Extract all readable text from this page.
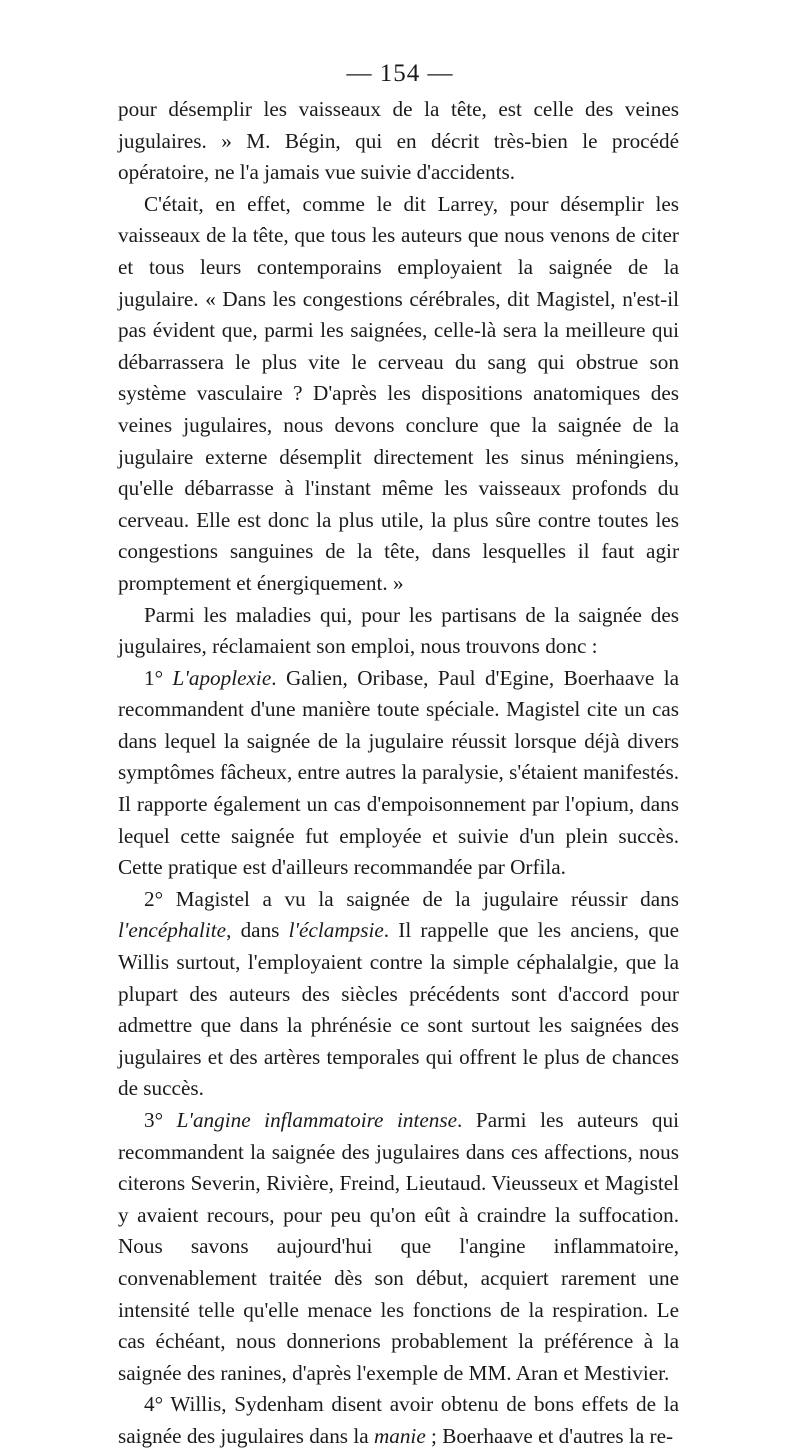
— 154 —

pour désemplir les vaisseaux de la tête, est celle des veines jugulaires. » M. Bégin, qui en décrit très-bien le procédé opératoire, ne l'a jamais vue suivie d'accidents.

C'était, en effet, comme le dit Larrey, pour désemplir les vaisseaux de la tête, que tous les auteurs que nous venons de citer et tous leurs contemporains employaient la saignée de la jugulaire. « Dans les congestions cérébrales, dit Magistel, n'est-il pas évident que, parmi les saignées, celle-là sera la meilleure qui débarrassera le plus vite le cerveau du sang qui obstrue son système vasculaire ? D'après les dispositions anatomiques des veines jugulaires, nous devons conclure que la saignée de la jugulaire externe désemplit directement les sinus méningiens, qu'elle débarrasse à l'instant même les vaisseaux profonds du cerveau. Elle est donc la plus utile, la plus sûre contre toutes les congestions sanguines de la tête, dans lesquelles il faut agir promptement et énergiquement. »

Parmi les maladies qui, pour les partisans de la saignée des jugulaires, réclamaient son emploi, nous trouvons donc :

1° L'apoplexie. Galien, Oribase, Paul d'Egine, Boerhaave la recommandent d'une manière toute spéciale. Magistel cite un cas dans lequel la saignée de la jugulaire réussit lorsque déjà divers symptômes fâcheux, entre autres la paralysie, s'étaient manifestés. Il rapporte également un cas d'empoisonnement par l'opium, dans lequel cette saignée fut employée et suivie d'un plein succès. Cette pratique est d'ailleurs recommandée par Orfila.

2° Magistel a vu la saignée de la jugulaire réussir dans l'encéphalite, dans l'éclampsie. Il rappelle que les anciens, que Willis surtout, l'employaient contre la simple céphalalgie, que la plupart des auteurs des siècles précédents sont d'accord pour admettre que dans la phrénésie ce sont surtout les saignées des jugulaires et des artères temporales qui offrent le plus de chances de succès.

3° L'angine inflammatoire intense. Parmi les auteurs qui recommandent la saignée des jugulaires dans ces affections, nous citerons Severin, Rivière, Freind, Lieutaud. Vieusseux et Magistel y avaient recours, pour peu qu'on eût à craindre la suffocation. Nous savons aujourd'hui que l'angine inflammatoire, convenablement traitée dès son début, acquiert rarement une intensité telle qu'elle menace les fonctions de la respiration. Le cas échéant, nous donnerions probablement la préférence à la saignée des ranines, d'après l'exemple de MM. Aran et Mestivier.

4° Willis, Sydenham disent avoir obtenu de bons effets de la saignée des jugulaires dans la manie ; Boerhaave et d'autres la re-
